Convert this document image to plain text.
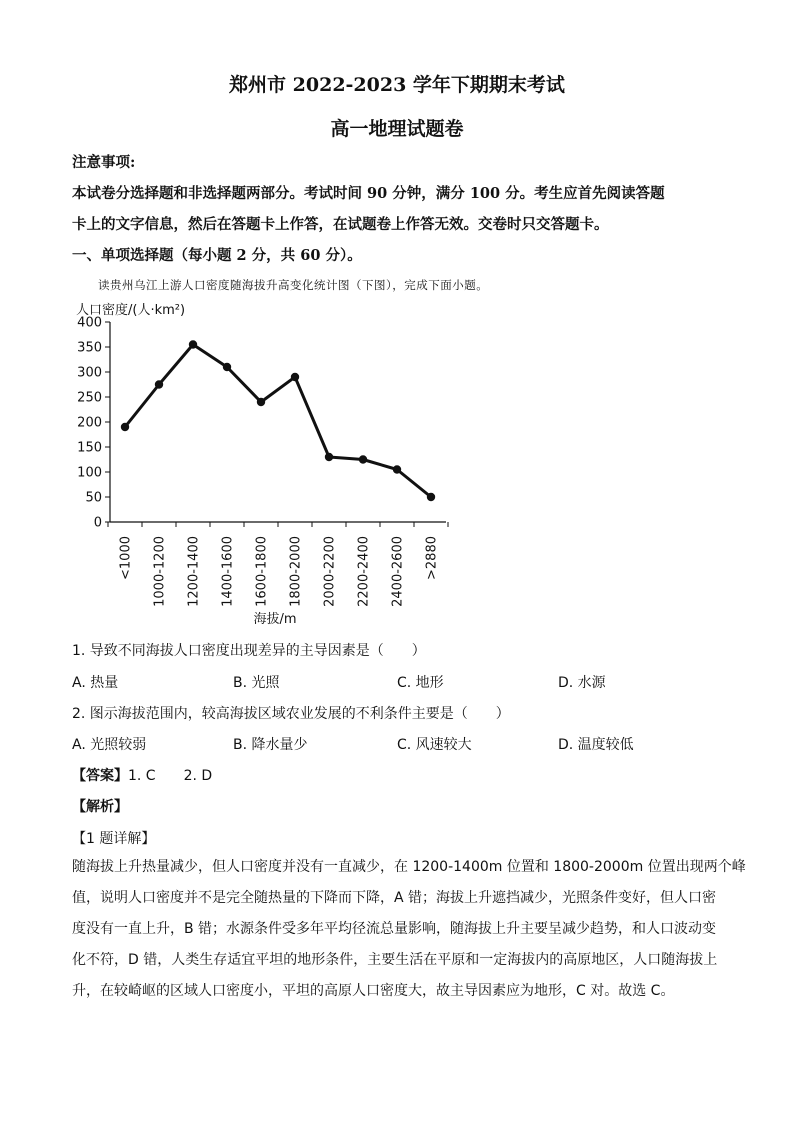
郑州市 2022-2023 学年下期期末考试
高一地理试题卷
注意事项:
本试卷分选择题和非选择题两部分。考试时间 90 分钟，满分 100 分。考生应首先阅读答题
卡上的文字信息，然后在答题卡上作答，在试题卷上作答无效。交卷时只交答题卡。
一、单项选择题（每小题 2 分，共 60 分）。
读贵州乌江上游人口密度随海拔升高变化统计图（下图），完成下面小题。
人口密度/(人·km²)
0
50
100
150
200
250
300
350
400
<1000 1000-1200 1200-1400 1400-1600 1600-1800 1800-2000 2000-2200 2200-2400 2400-2600 >2880
海拔/m
1. 导致不同海拔人口密度出现差异的主导因素是（　　）
A. 热量	B. 光照	C. 地形	D. 水源
2. 图示海拔范围内，较高海拔区域农业发展的不利条件主要是（　　）
A. 光照较弱	B. 降水量少	C. 风速较大	D. 温度较低
【答案】1. C　　2. D
【解析】
【1 题详解】
随海拔上升热量减少，但人口密度并没有一直减少，在 1200-1400m 位置和 1800-2000m 位置出现两个峰
值，说明人口密度并不是完全随热量的下降而下降，A 错；海拔上升遮挡减少，光照条件变好，但人口密
度没有一直上升，B 错；水源条件受多年平均径流总量影响，随海拔上升主要呈减少趋势，和人口波动变
化不符，D 错，人类生存适宜平坦的地形条件，主要生活在平原和一定海拔内的高原地区，人口随海拔上
升，在较崎岖的区域人口密度小，平坦的高原人口密度大，故主导因素应为地形，C 对。故选 C。
